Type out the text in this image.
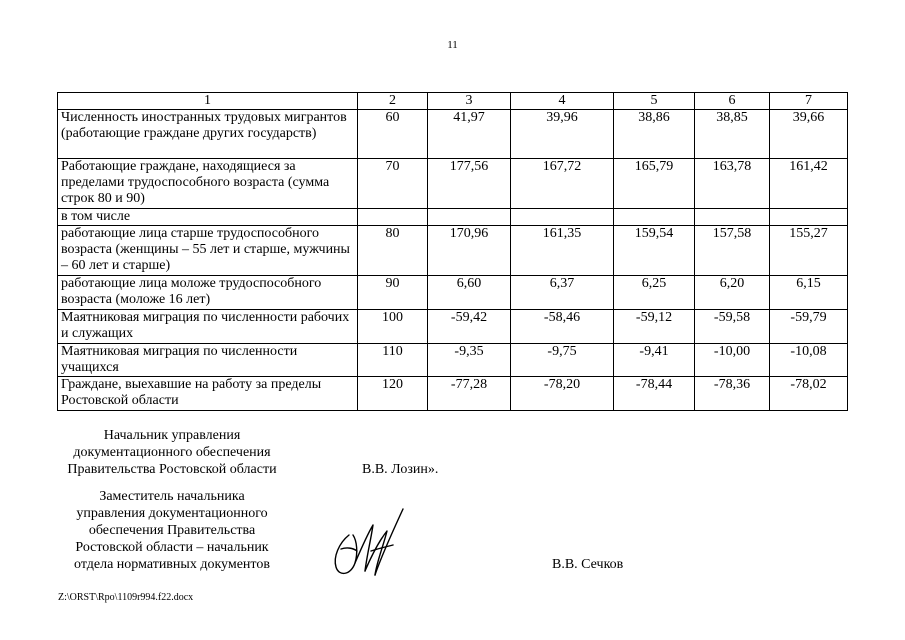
11
1	2	3	4	5	6	7
Численность иностранных трудовых мигрантов (работающие граждане других государств)	60	41,97	39,96	38,86	38,85	39,66
Работающие граждане, находящиеся за пределами трудоспособного возраста (сумма строк 80 и 90)	70	177,56	167,72	165,79	163,78	161,42
в том числе						
работающие лица старше трудоспособного возраста (женщины – 55 лет и старше, мужчины – 60 лет и старше)	80	170,96	161,35	159,54	157,58	155,27
работающие лица моложе трудоспособного возраста (моложе 16 лет)	90	6,60	6,37	6,25	6,20	6,15
Маятниковая миграция по численности рабочих и служащих	100	-59,42	-58,46	-59,12	-59,58	-59,79
Маятниковая миграция по численности учащихся	110	-9,35	-9,75	-9,41	-10,00	-10,08
Граждане, выехавшие на работу за пределы Ростовской области	120	-77,28	-78,20	-78,44	-78,36	-78,02
Начальник управления
документационного обеспечения
Правительства Ростовской области	В.В. Лозин».
Заместитель начальника
управления документационного
обеспечения Правительства
Ростовской области – начальник
отдела нормативных документов	В.В. Сечков
Z:\ORST\Rpo\1109r994.f22.docx
